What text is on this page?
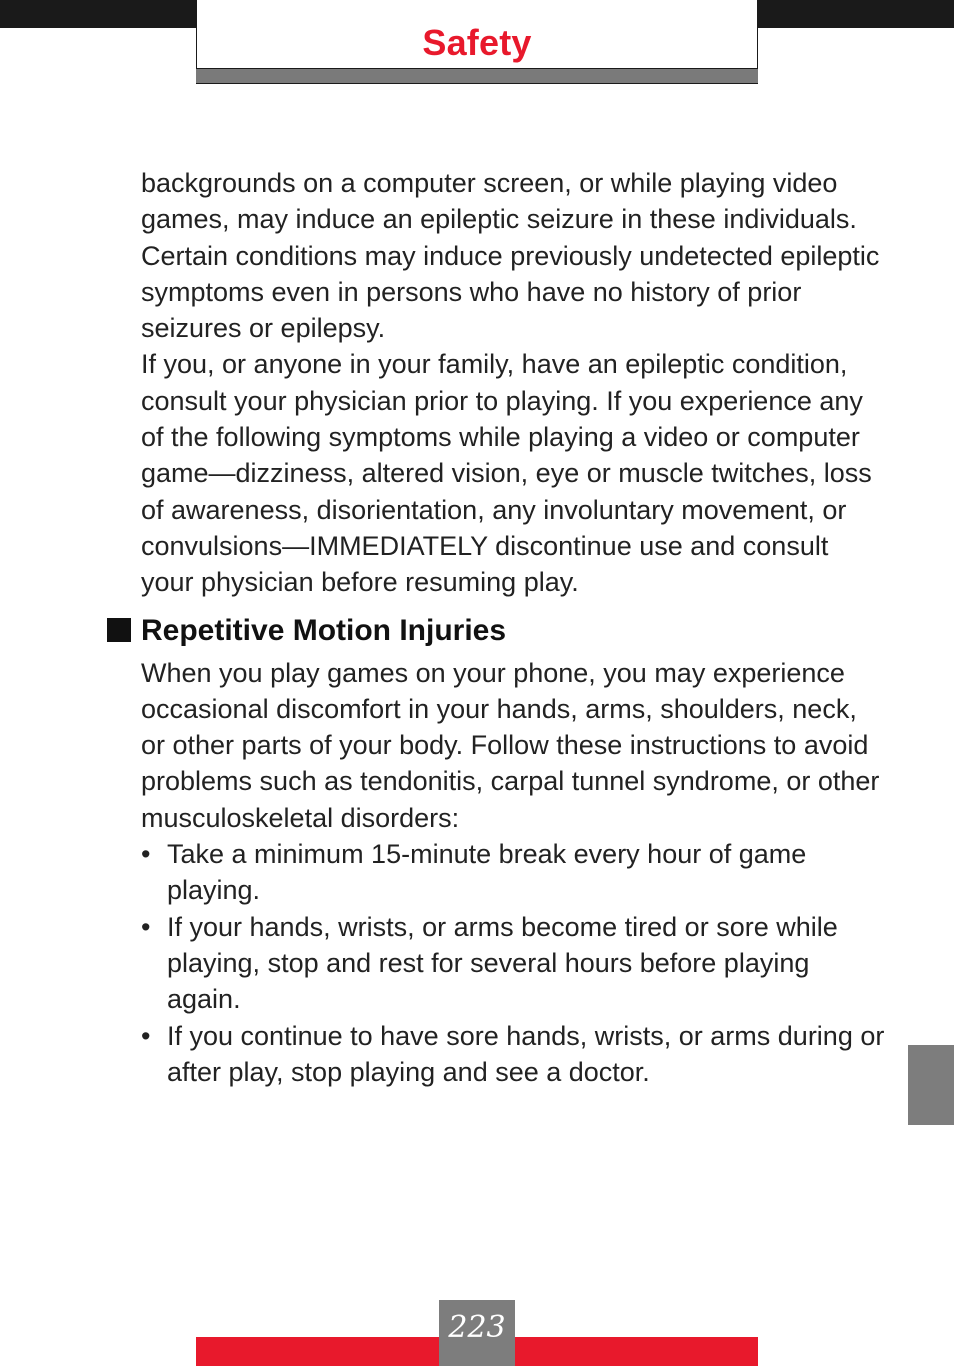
Safety

backgrounds on a computer screen, or while playing video games, may induce an epileptic seizure in these individuals. Certain conditions may induce previously undetected epileptic symptoms even in persons who have no history of prior seizures or epilepsy.

If you, or anyone in your family, have an epileptic condition, consult your physician prior to playing. If you experience any of the following symptoms while playing a video or computer game—dizziness, altered vision, eye or muscle twitches, loss of awareness, disorientation, any involuntary movement, or convulsions—IMMEDIATELY discontinue use and consult your physician before resuming play.

Repetitive Motion Injuries

When you play games on your phone, you may experience occasional discomfort in your hands, arms, shoulders, neck, or other parts of your body. Follow these instructions to avoid problems such as tendonitis, carpal tunnel syndrome, or other musculoskeletal disorders:

• Take a minimum 15-minute break every hour of game playing.
• If your hands, wrists, or arms become tired or sore while playing, stop and rest for several hours before playing again.
• If you continue to have sore hands, wrists, or arms during or after play, stop playing and see a doctor.
223
